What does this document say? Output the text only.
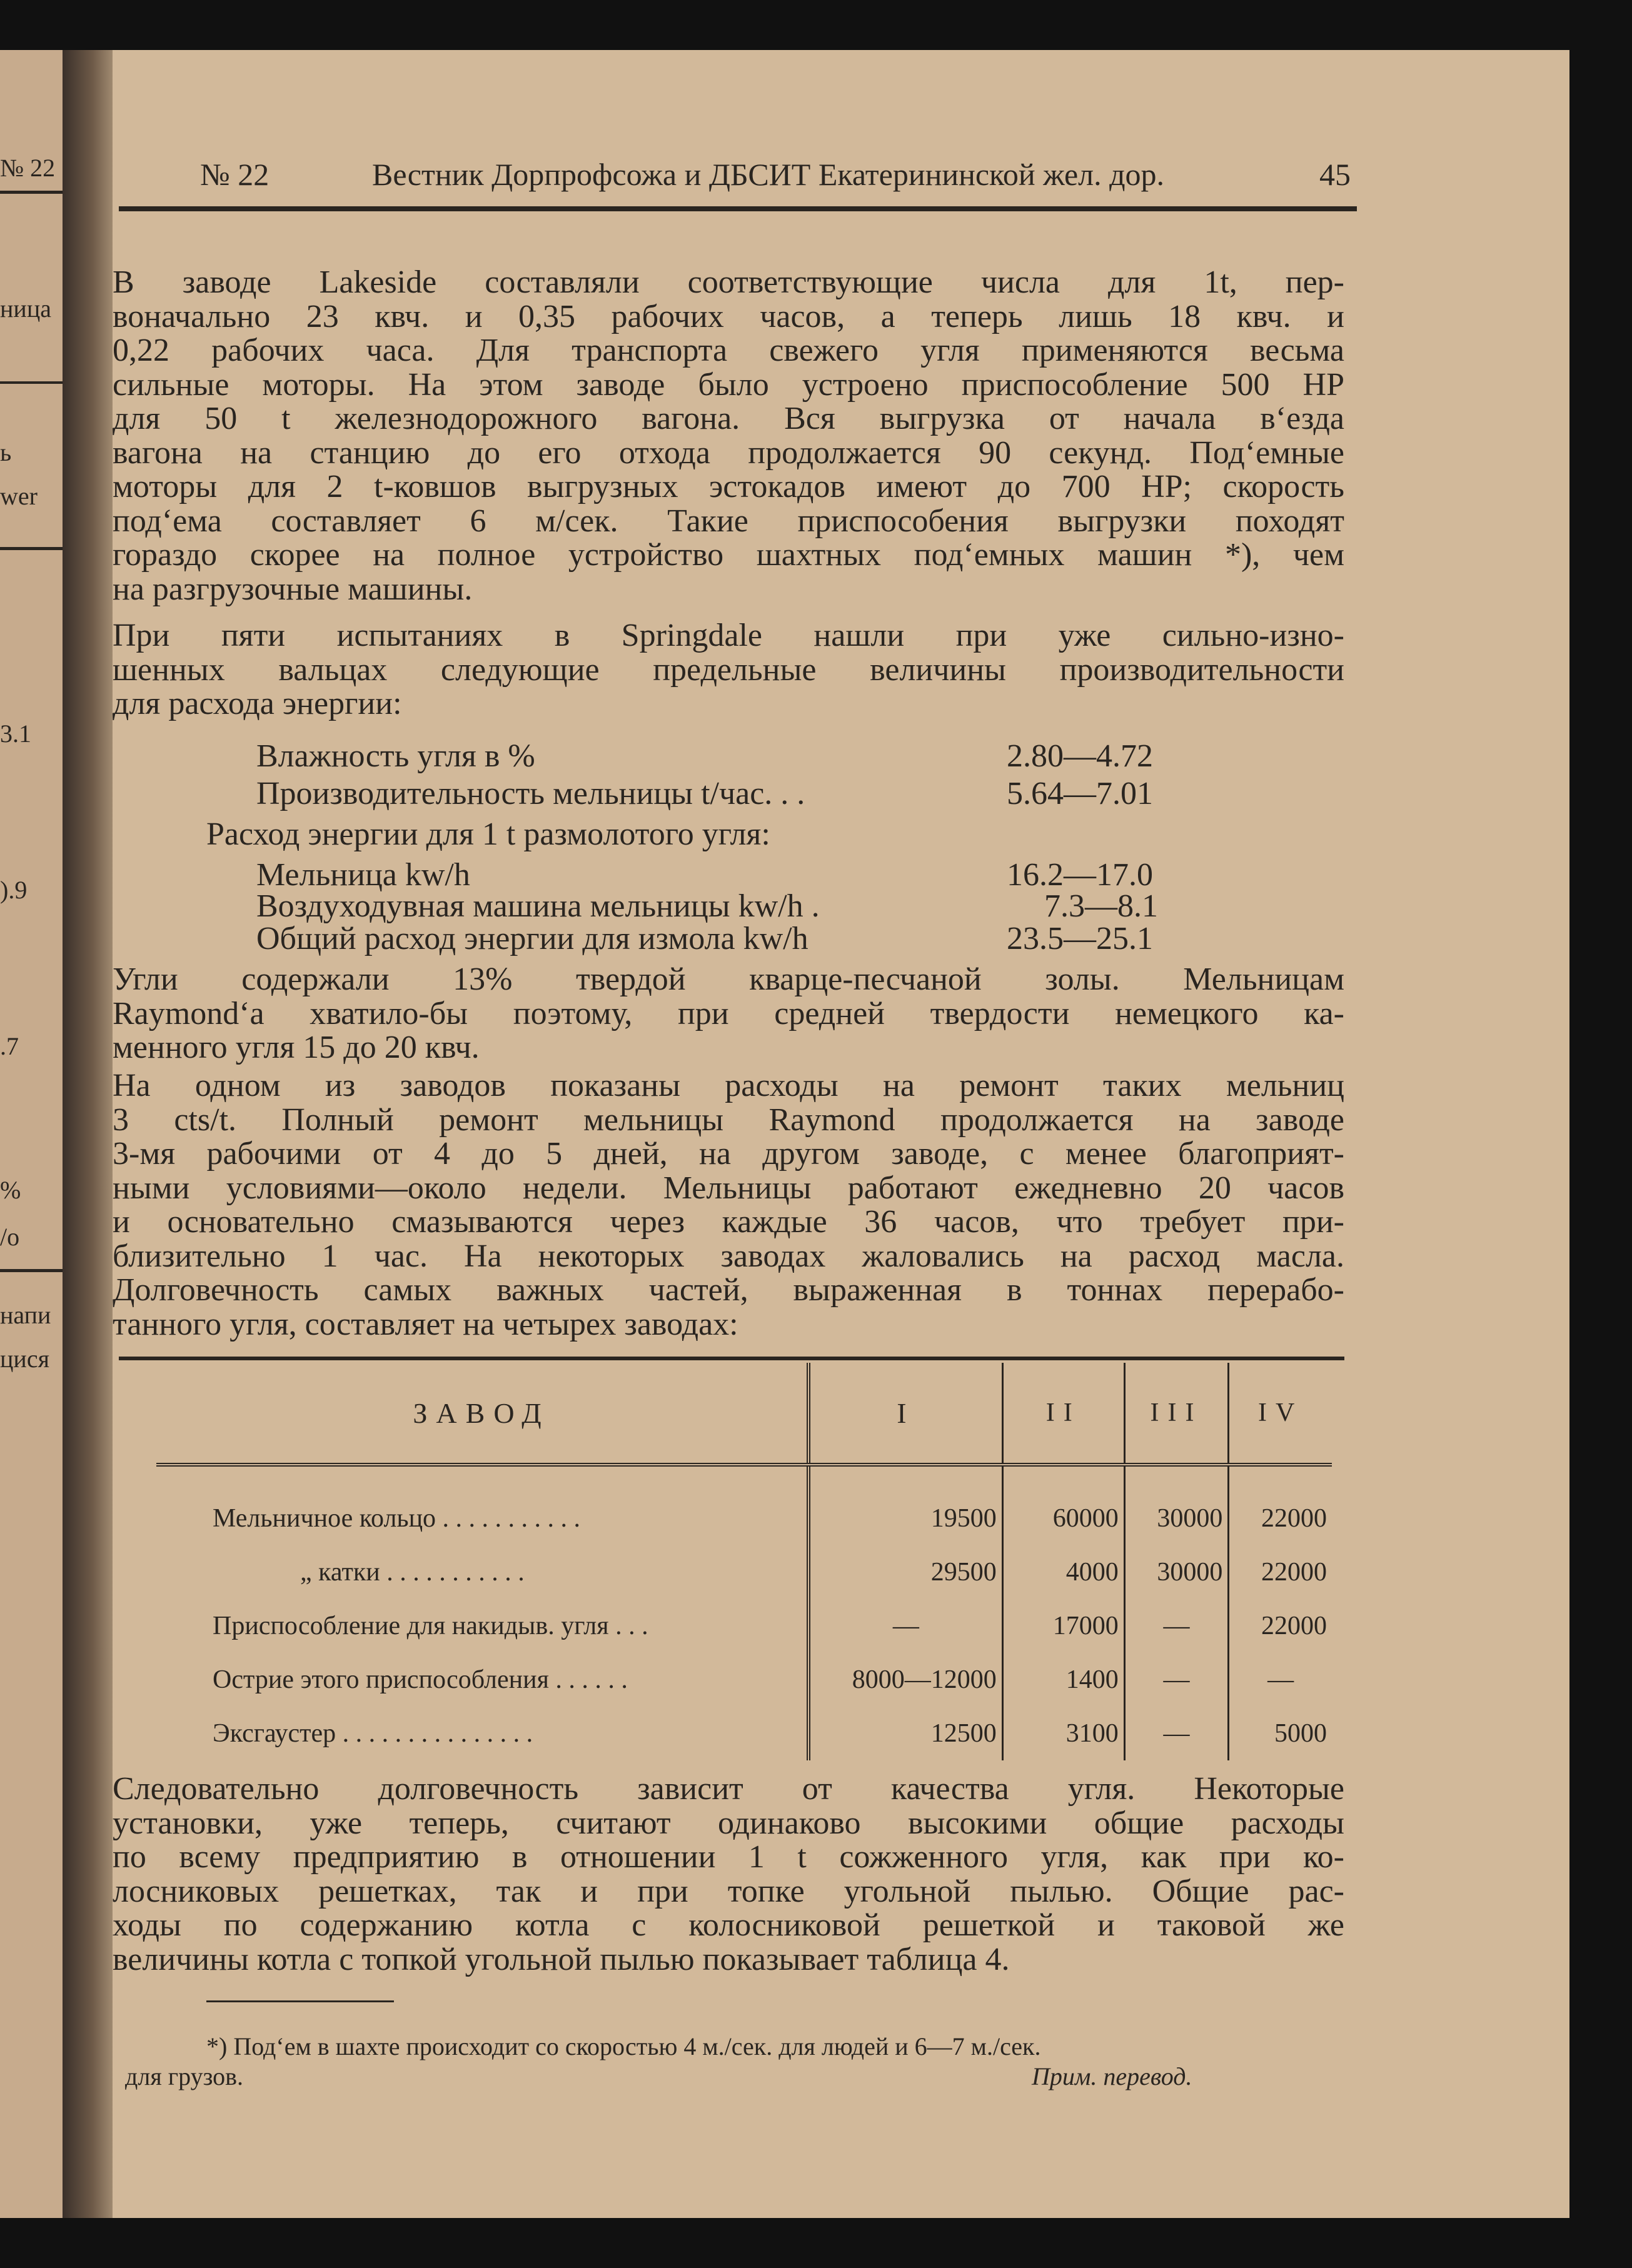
№ 22
ница
ь
wer
3.1
).9
.7
%
/o
напи
цися
№ 22	Вестник Дорпрофсожа и ДБСИТ Екатерининской жел. дор.	45
В заводе Lakeside составляли соответствующие числа для 1t, пер-
воначально 23 квч. и 0,35 рабочих часов, а теперь лишь 18 квч. и
0,22 рабочих часа. Для транспорта свежего угля применяются весьма
сильные моторы. На этом заводе было устроено приспособление 500 HP
для 50 t железнодорожного вагона. Вся выгрузка от начала в‘езда
вагона на станцию до его отхода продолжается 90 секунд. Под‘емные
моторы для 2 t-ковшов выгрузных эстокадов имеют до 700 HP; скорость
под‘ема составляет 6 м/сек. Такие приспособения выгрузки походят
гораздо скорее на полное устройство шахтных под‘емных машин *), чем
на разгрузочные машины.
При пяти испытаниях в Springdale нашли при уже сильно-изно-
шенных вальцах следующие предельные величины производительности
для расхода энергии:
Влажность угля в %	2.80—4.72
Производительность мельницы t/час. . .	5.64—7.01
Расход энергии для 1 t размолотого угля:
Мельница kw/h	16.2—17.0
Воздуходувная машина мельницы kw/h .	7.3—8.1
Общий расход энергии для измола kw/h	23.5—25.1
Угли содержали 13% твердой кварце-песчаной золы. Мельницам
Raymond‘а хватило-бы поэтому, при средней твердости немецкого ка-
менного угля 15 до 20 квч.
На одном из заводов показаны расходы на ремонт таких мельниц
3 cts/t. Полный ремонт мельницы Raymond продолжается на заводе
3-мя рабочими от 4 до 5 дней, на другом заводе, с менее благоприят-
ными условиями—около недели. Мельницы работают ежедневно 20 часов
и основательно смазываются через каждые 36 часов, что требует при-
близительно 1 час. На некоторых заводах жаловались на расход масла.
Долговечность самых важных частей, выраженная в тоннах перерабо-
танного угля, составляет на четырех заводах:
ЗАВОД	I	II	III	IV
Мельничное кольцо . . . . . . . . . . .	19500	60000	30000	22000
„ катки . . . . . . . . . . .	29500	4000	30000	22000
Приспособление для накидыв. угля . . .	—	17000	—	22000
Острие этого приспособления . . . . . .	8000—12000	1400	—	—
Эксгаустер . . . . . . . . . . . . . . .	12500	3100	—	5000
Следовательно долговечность зависит от качества угля. Некоторые
установки, уже теперь, считают одинаково высокими общие расходы
по всему предприятию в отношении 1 t сожженного угля, как при ко-
лосниковых решетках, так и при топке угольной пылью. Общие рас-
ходы по содержанию котла с колосниковой решеткой и таковой же
величины котла с топкой угольной пылью показывает таблица 4.
*) Под‘ем в шахте происходит со скоростью 4 м./сек. для людей и 6—7 м./сек.
для грузов.	Прим. перевод.
